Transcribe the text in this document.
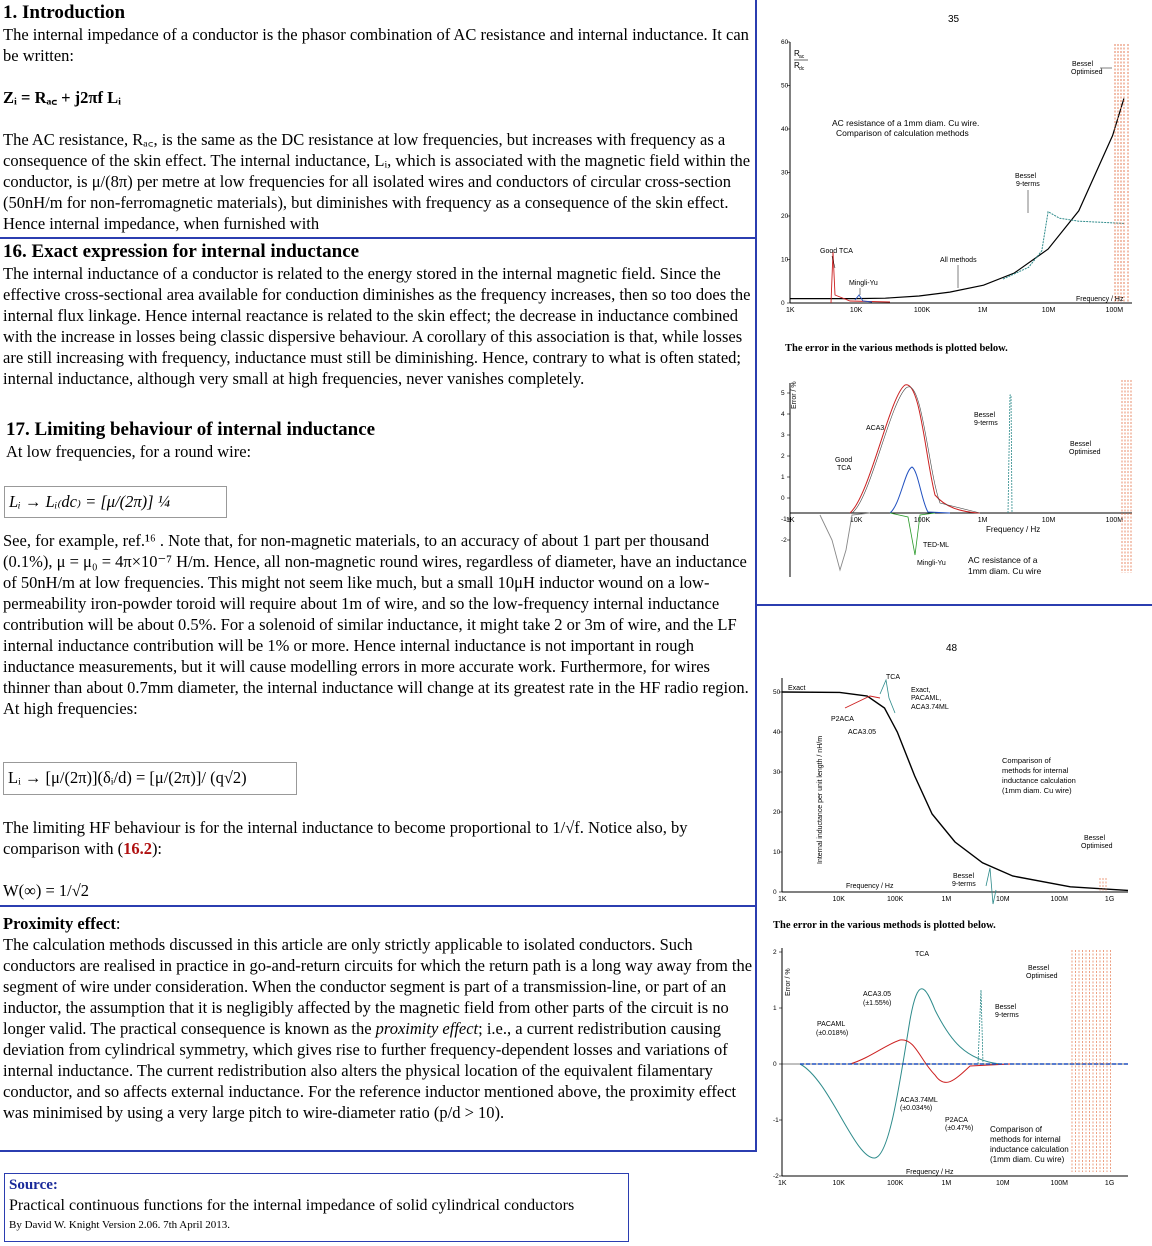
1. Introduction

The internal impedance of a conductor is the phasor combination of AC resistance and internal inductance. It can be written:

Zᵢ = Rₐ꜀ + j2πf Lᵢ

The AC resistance, Rₐ꜀, is the same as the DC resistance at low frequencies, but increases with frequency as a consequence of the skin effect. The internal inductance, Lᵢ, which is associated with the magnetic field within the conductor, is μ/(8π) per metre at low frequencies for all isolated wires and conductors of circular cross-section (50nH/m for non-ferromagnetic materials), but diminishes with frequency as a consequence of the skin effect. Hence internal impedance, when furnished with

16. Exact expression for internal inductance

The internal inductance of a conductor is related to the energy stored in the internal magnetic field. Since the effective cross-sectional area available for conduction diminishes as the frequency increases, then so too does the internal flux linkage. Hence internal reactance is related to the skin effect; the decrease in inductance combined with the increase in losses being classic dispersive behaviour. A corollary of this association is that, while losses are still increasing with frequency, inductance must still be diminishing. Hence, contrary to what is often stated; internal inductance, although very small at high frequencies, never vanishes completely.

17. Limiting behaviour of internal inductance

At low frequencies, for a round wire:

Lᵢ → Lᵢ₍dc₎ = [μ/(2π)] ¼

See, for example, ref.¹⁶ . Note that, for non-magnetic materials, to an accuracy of about 1 part per thousand (0.1%), μ = μ₀ = 4π×10⁻⁷ H/m. Hence, all non-magnetic round wires, regardless of diameter, have an inductance of 50nH/m at low frequencies. This might not seem like much, but a small 10μH inductor wound on a low-permeability iron-powder toroid will require about 1m of wire, and so the low-frequency internal inductance contribution will be about 0.5%. For a solenoid of similar inductance, it might take 2 or 3m of wire, and the LF internal inductance contribution will be 1% or more. Hence internal inductance is not important in rough inductance measurements, but it will cause modelling errors in more accurate work. Furthermore, for wires thinner than about 0.7mm diameter, the internal inductance will change at its greatest rate in the HF radio region.

At high frequencies:

Lᵢ → [μ/(2π)](δᵢ/d) = [μ/(2π)]/ (q√2)

The limiting HF behaviour is for the internal inductance to become proportional to 1/√f. Notice also, by comparison with (16.2):

W(∞) = 1/√2

Proximity effect:

The calculation methods discussed in this article are only strictly applicable to isolated conductors. Such conductors are realised in practice in go-and-return circuits for which the return path is a long way away from the segment of wire under consideration. When the conductor segment is part of a transmission-line, or part of an inductor, the assumption that it is negligibly affected by the magnetic field from other parts of the circuit is no longer valid. The practical consequence is known as the proximity effect; i.e., a current redistribution causing deviation from cylindrical symmetry, which gives rise to further frequency-dependent losses and variations of internal inductance. The current redistribution also alters the physical location of the equivalent filamentary conductor, and so affects external inductance. For the reference inductor mentioned above, the proximity effect was minimised by using a very large pitch to wire-diameter ratio (p/d > 10).

Source:
Practical continuous functions for the internal impedance of solid cylindrical conductors
By David W. Knight Version 2.06. 7th April 2013.
35
0
10
20
30
40
50
60
1K	10K	100K	1M	10M	100M
R ac
R dc
AC resistance of a 1mm diam. Cu wire.
Comparison of calculation methods
Bessel
Optimised
Bessel
9-terms
Good TCA
Mingli-Yu
All methods
Frequency / Hz
The error in the various methods is plotted below.
-2
-1
0
1
2
3
4
5
1K	10K	100K	1M	10M	100M
Error / %
ACA3
Good
TCA
Bessel
9-terms
Bessel
Optimised
TED-ML
Mingli-Yu
Frequency / Hz
AC resistance of a
1mm diam. Cu wire
48
0
10
20
30
40
50
1K	10K	100K	1M	10M	100M	1G
Internal inductance per unit length / nH/m
Exact
TCA
Exact,
PACAML,
ACA3.74ML
P2ACA
ACA3.05
Comparison of
methods for internal
inductance calculation
(1mm diam. Cu wire)
Bessel
Optimised
Bessel
9-terms
Frequency / Hz
The error in the various methods is plotted below.
-2
-1
0
1
2
1K	10K	100K	1M	10M	100M	1G
Error / %
TCA
ACA3.05
(±1.55%)
PACAML
(±0.018%)
Bessel
Optimised
Bessel
9-terms
ACA3.74ML
(±0.034%)
P2ACA
(±0.47%) Comparison of
methods for internal
inductance calculation
(1mm diam. Cu wire)
Frequency / Hz
